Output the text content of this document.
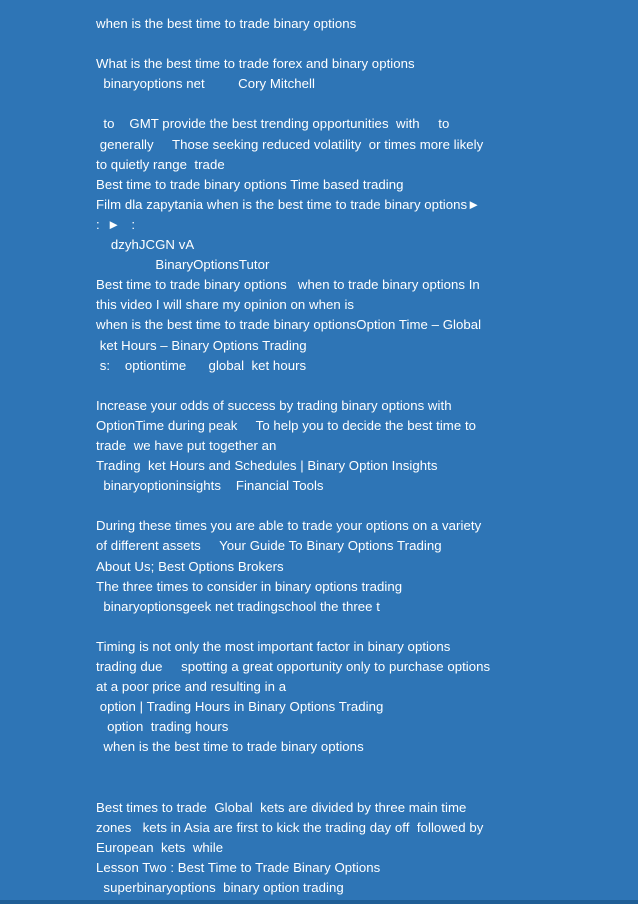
when is the best time to trade binary options
What is the best time to trade forex and binary options
binaryoptions net         Cory Mitchell
to    GMT provide the best trending opportunities  with     to
generally     Those seeking reduced volatility  or times more likely
to quietly range  trade
Best time to trade binary options Time based trading
Film dla zapytania when is the best time to trade binary options►
:  ►   :
dzyhJCGN vA
BinaryOptionsTutor
Best time to trade binary options   when to trade binary options In
this video I will share my opinion on when is
when is the best time to trade binary optionsOption Time – Global
ket Hours – Binary Options Trading
s:    optiontime      global  ket hours
Increase your odds of success by trading binary options with
OptionTime during peak     To help you to decide the best time to
trade  we have put together an
Trading  ket Hours and Schedules | Binary Option Insights
binaryoptioninsights    Financial Tools
During these times you are able to trade your options on a variety
of different assets     Your Guide To Binary Options Trading
About Us; Best Options Brokers
The three times to consider in binary options trading
binaryoptionsgeek net tradingschool the three t
Timing is not only the most important factor in binary options
trading due     spotting a great opportunity only to purchase options
at a poor price and resulting in a
option | Trading Hours in Binary Options Trading
option  trading hours
when is the best time to trade binary options
Best times to trade  Global  kets are divided by three main time
zones   kets in Asia are first to kick the trading day off  followed by
European  kets  while
Lesson Two : Best Time to Trade Binary Options
superbinaryoptions  binary option trading
